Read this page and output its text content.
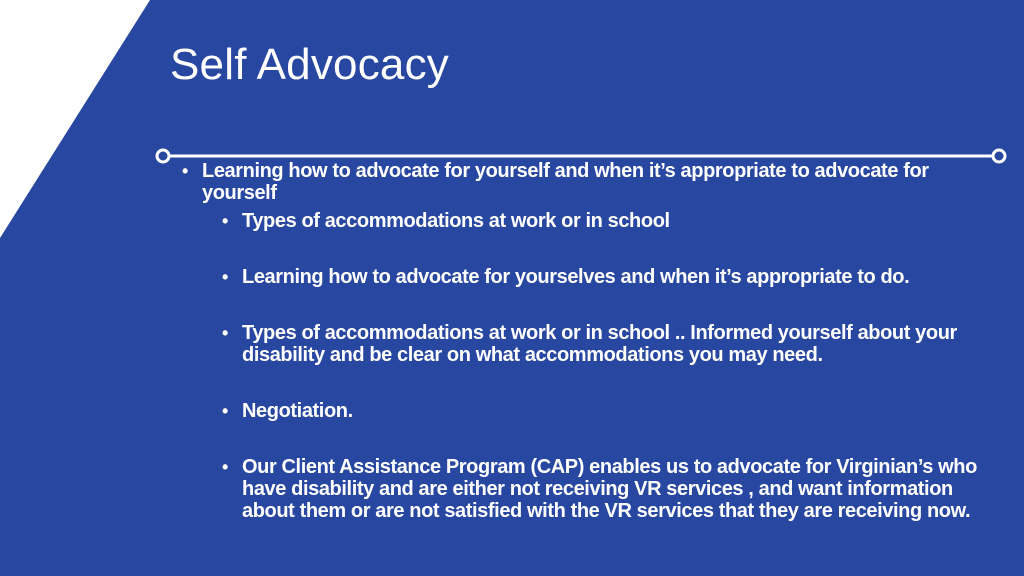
Self Advocacy
• Learning how to advocate for yourself and when it’s appropriate to advocate for yourself
• Types of accommodations at work or in school
• Learning how to advocate for yourselves and when it’s appropriate to do.
• Types of accommodations at work or in school .. Informed yourself about your disability and be clear on what accommodations you may need.
• Negotiation.
• Our Client Assistance Program (CAP) enables us to advocate for Virginian’s who have disability and are either not receiving VR services , and want information about them or are not satisfied with the VR services that they are receiving now.
